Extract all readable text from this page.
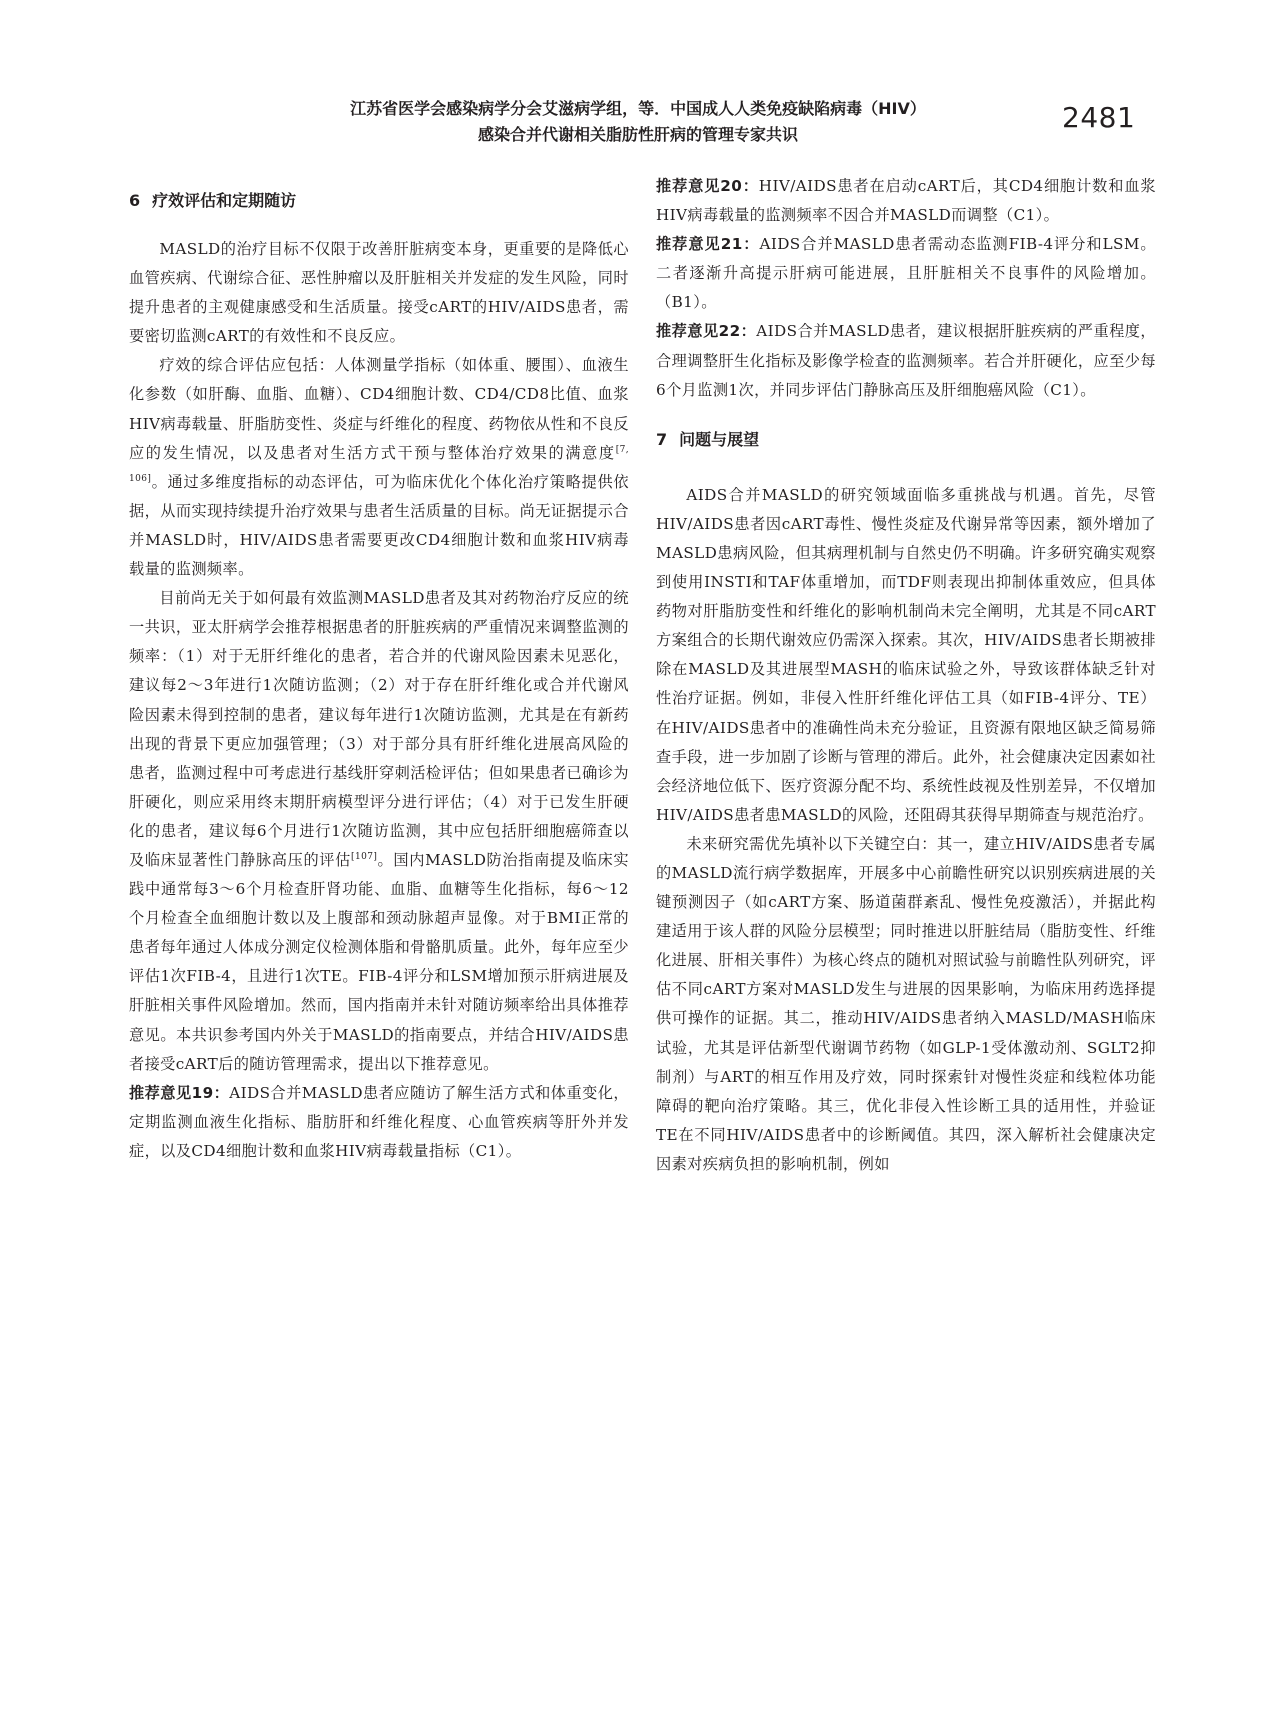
江苏省医学会感染病学分会艾滋病学组，等．中国成人人类免疫缺陷病毒（HIV）
感染合并代谢相关脂肪性肝病的管理专家共识
2481
6 疗效评估和定期随访

MASLD的治疗目标不仅限于改善肝脏病变本身，更重要的是降低心血管疾病、代谢综合征、恶性肿瘤以及肝脏相关并发症的发生风险，同时提升患者的主观健康感受和生活质量。接受cART的HIV/AIDS患者，需要密切监测cART的有效性和不良反应。

疗效的综合评估应包括：人体测量学指标（如体重、腰围）、血液生化参数（如肝酶、血脂、血糖）、CD4细胞计数、CD4/CD8比值、血浆HIV病毒载量、肝脂肪变性、炎症与纤维化的程度、药物依从性和不良反应的发生情况，以及患者对生活方式干预与整体治疗效果的满意度[7, 106]。通过多维度指标的动态评估，可为临床优化个体化治疗策略提供依据，从而实现持续提升治疗效果与患者生活质量的目标。尚无证据提示合并MASLD时，HIV/AIDS患者需要更改CD4细胞计数和血浆HIV病毒载量的监测频率。

目前尚无关于如何最有效监测MASLD患者及其对药物治疗反应的统一共识，亚太肝病学会推荐根据患者的肝脏疾病的严重情况来调整监测的频率：（1）对于无肝纤维化的患者，若合并的代谢风险因素未见恶化，建议每2～3年进行1次随访监测；（2）对于存在肝纤维化或合并代谢风险因素未得到控制的患者，建议每年进行1次随访监测，尤其是在有新药出现的背景下更应加强管理；（3）对于部分具有肝纤维化进展高风险的患者，监测过程中可考虑进行基线肝穿刺活检评估；但如果患者已确诊为肝硬化，则应采用终末期肝病模型评分进行评估；（4）对于已发生肝硬化的患者，建议每6个月进行1次随访监测，其中应包括肝细胞癌筛查以及临床显著性门静脉高压的评估[107]。国内MASLD防治指南提及临床实践中通常每3～6个月检查肝肾功能、血脂、血糖等生化指标，每6～12个月检查全血细胞计数以及上腹部和颈动脉超声显像。对于BMI正常的患者每年通过人体成分测定仪检测体脂和骨骼肌质量。此外，每年应至少评估1次FIB-4，且进行1次TE。FIB-4评分和LSM增加预示肝病进展及肝脏相关事件风险增加。然而，国内指南并未针对随访频率给出具体推荐意见。本共识参考国内外关于MASLD的指南要点，并结合HIV/AIDS患者接受cART后的随访管理需求，提出以下推荐意见。

推荐意见19：AIDS合并MASLD患者应随访了解生活方式和体重变化，定期监测血液生化指标、脂肪肝和纤维化程度、心血管疾病等肝外并发症，以及CD4细胞计数和血浆HIV病毒载量指标（C1）。

推荐意见20：HIV/AIDS患者在启动cART后，其CD4细胞计数和血浆HIV病毒载量的监测频率不因合并MASLD而调整（C1）。

推荐意见21：AIDS合并MASLD患者需动态监测FIB-4评分和LSM。二者逐渐升高提示肝病可能进展，且肝脏相关不良事件的风险增加。（B1）。

推荐意见22：AIDS合并MASLD患者，建议根据肝脏疾病的严重程度，合理调整肝生化指标及影像学检查的监测频率。若合并肝硬化，应至少每6个月监测1次，并同步评估门静脉高压及肝细胞癌风险（C1）。

7 问题与展望

AIDS合并MASLD的研究领域面临多重挑战与机遇。首先，尽管HIV/AIDS患者因cART毒性、慢性炎症及代谢异常等因素，额外增加了MASLD患病风险，但其病理机制与自然史仍不明确。许多研究确实观察到使用INSTI和TAF体重增加，而TDF则表现出抑制体重效应，但具体药物对肝脂肪变性和纤维化的影响机制尚未完全阐明，尤其是不同cART方案组合的长期代谢效应仍需深入探索。其次，HIV/AIDS患者长期被排除在MASLD及其进展型MASH的临床试验之外，导致该群体缺乏针对性治疗证据。例如，非侵入性肝纤维化评估工具（如FIB-4评分、TE）在HIV/AIDS患者中的准确性尚未充分验证，且资源有限地区缺乏简易筛查手段，进一步加剧了诊断与管理的滞后。此外，社会健康决定因素如社会经济地位低下、医疗资源分配不均、系统性歧视及性别差异，不仅增加HIV/AIDS患者患MASLD的风险，还阻碍其获得早期筛查与规范治疗。

未来研究需优先填补以下关键空白：其一，建立HIV/AIDS患者专属的MASLD流行病学数据库，开展多中心前瞻性研究以识别疾病进展的关键预测因子（如cART方案、肠道菌群紊乱、慢性免疫激活），并据此构建适用于该人群的风险分层模型；同时推进以肝脏结局（脂肪变性、纤维化进展、肝相关事件）为核心终点的随机对照试验与前瞻性队列研究，评估不同cART方案对MASLD发生与进展的因果影响，为临床用药选择提供可操作的证据。其二，推动HIV/AIDS患者纳入MASLD/MASH临床试验，尤其是评估新型代谢调节药物（如GLP-1受体激动剂、SGLT2抑制剂）与ART的相互作用及疗效，同时探索针对慢性炎症和线粒体功能障碍的靶向治疗策略。其三，优化非侵入性诊断工具的适用性，并验证TE在不同HIV/AIDS患者中的诊断阈值。其四，深入解析社会健康决定因素对疾病负担的影响机制，例如
